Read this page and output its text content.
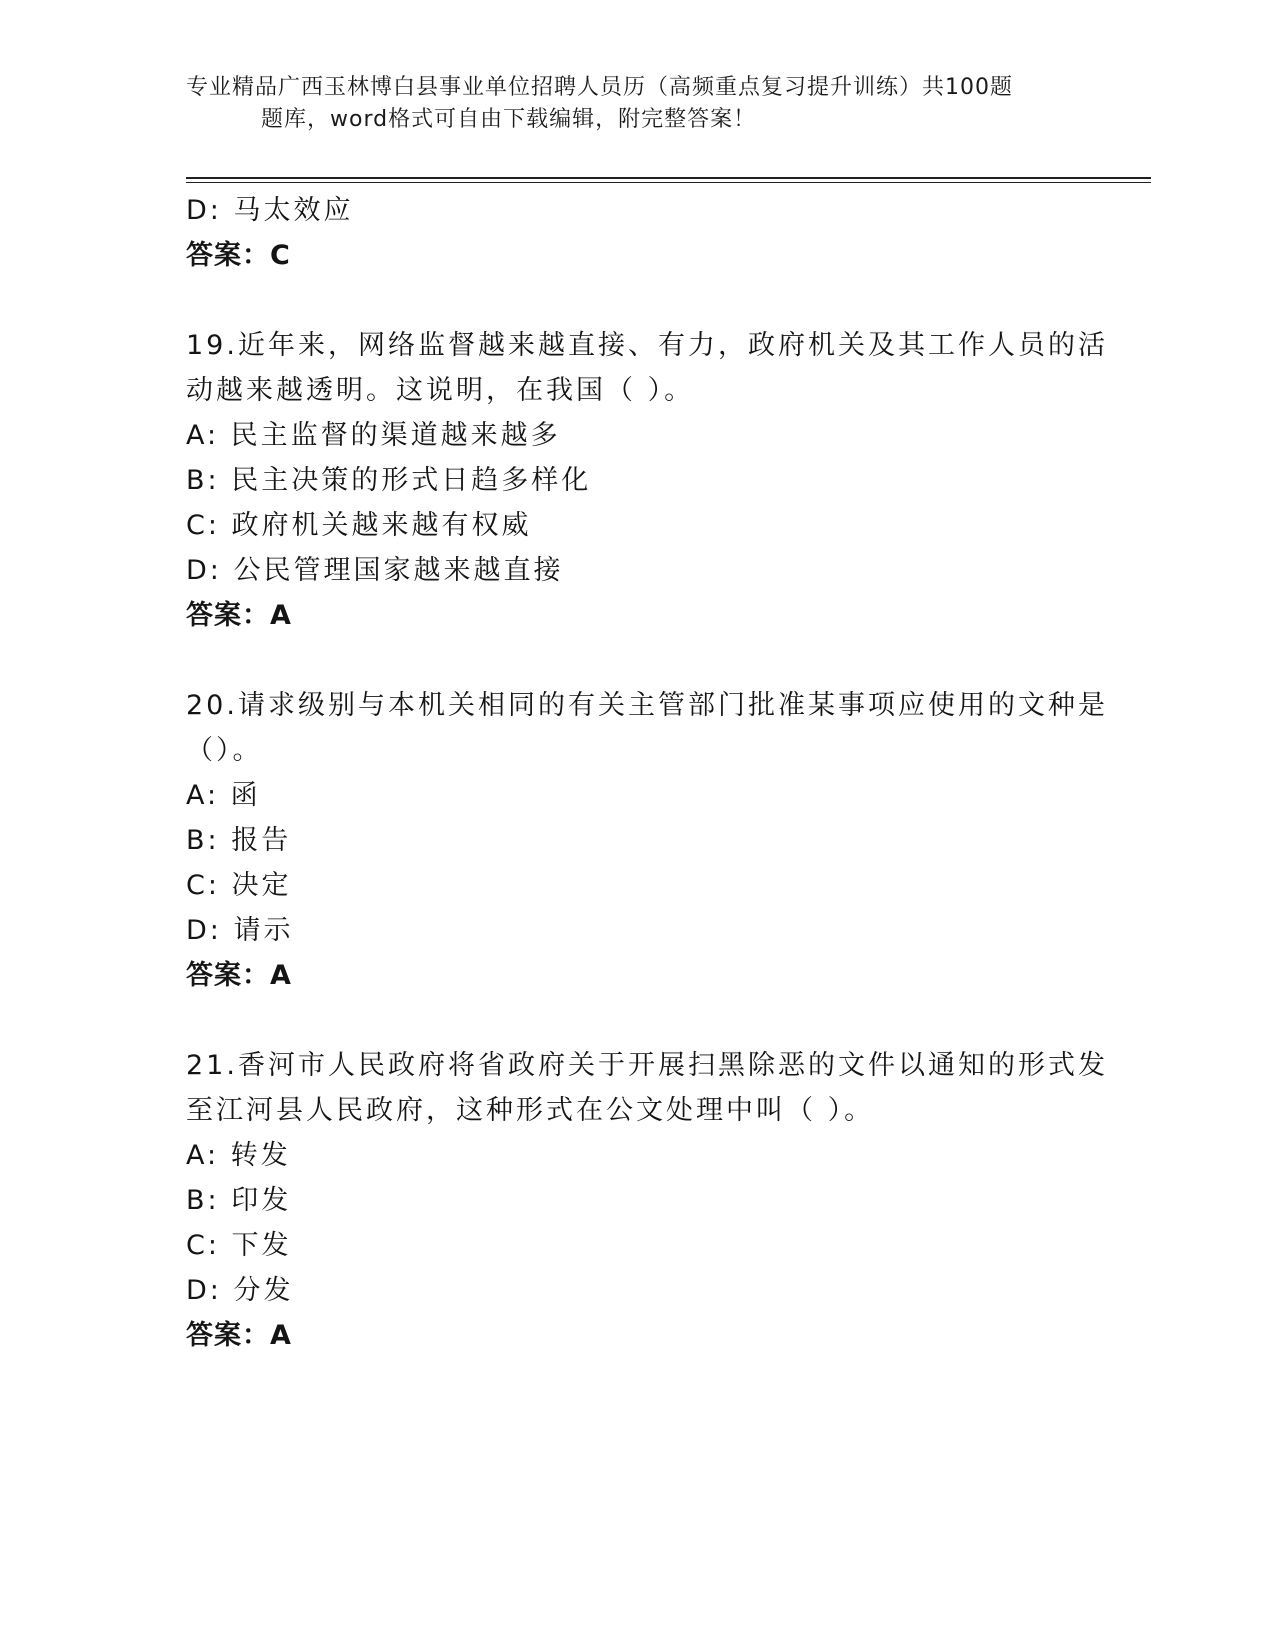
专业精品广西玉林博白县事业单位招聘人员历（高频重点复习提升训练）共100题
题库，word格式可自由下载编辑，附完整答案！
D: 马太效应
答案：C
19.近年来，网络监督越来越直接、有力，政府机关及其工作人员的活
动越来越透明。这说明，在我国（ ）。
A: 民主监督的渠道越来越多
B: 民主决策的形式日趋多样化
C: 政府机关越来越有权威
D: 公民管理国家越来越直接
答案：A
20.请求级别与本机关相同的有关主管部门批准某事项应使用的文种是
（）。
A: 函
B: 报告
C: 决定
D: 请示
答案：A
21.香河市人民政府将省政府关于开展扫黑除恶的文件以通知的形式发
至江河县人民政府，这种形式在公文处理中叫（ ）。
A: 转发
B: 印发
C: 下发
D: 分发
答案：A
